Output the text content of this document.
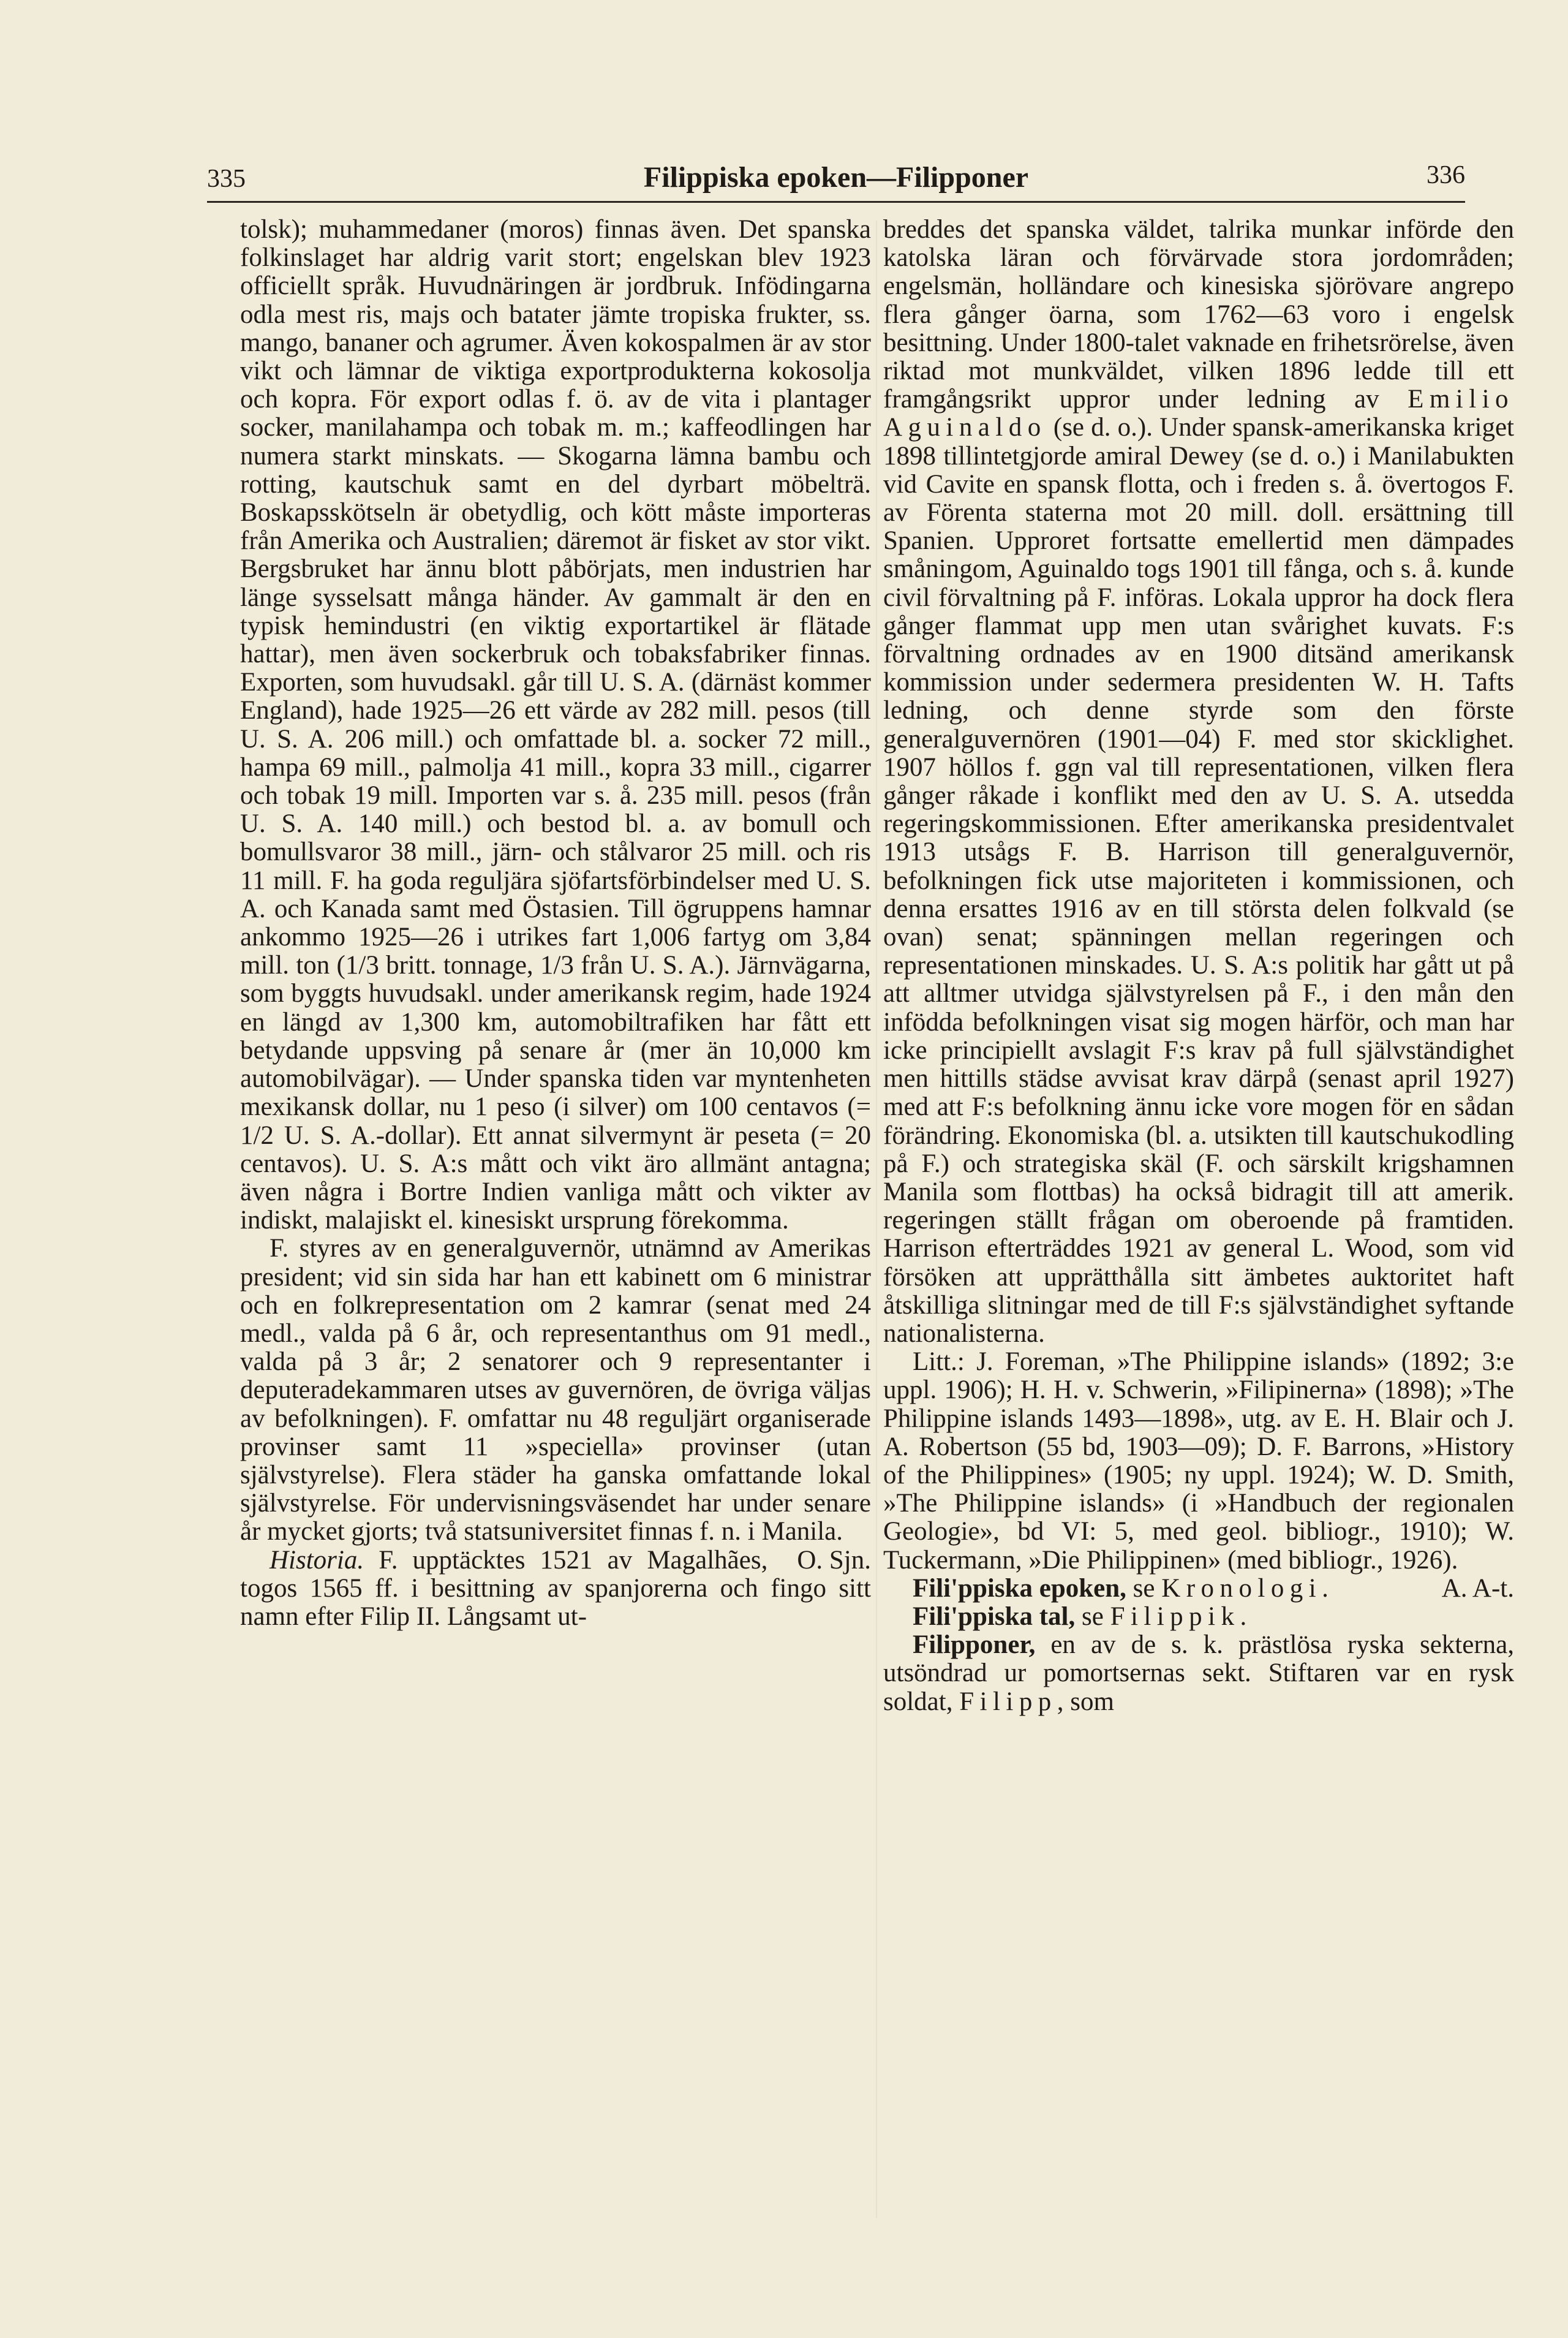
335	Filippiska epoken—Filipponer	336

tolsk); muhammedaner (moros) finnas även. Det spanska folkinslaget har aldrig varit stort; engelskan blev 1923 officiellt språk. Huvudnäringen är jordbruk. Infödingarna odla mest ris, majs och batater jämte tropiska frukter, ss. mango, bananer och agrumer. Även kokospalmen är av stor vikt och lämnar de viktiga exportprodukterna kokosolja och kopra. För export odlas f. ö. av de vita i plantager socker, manilahampa och tobak m. m.; kaffeodlingen har numera starkt minskats. — Skogarna lämna bambu och rotting, kautschuk samt en del dyrbart möbelträ. Boskapsskötseln är obetydlig, och kött måste importeras från Amerika och Australien; däremot är fisket av stor vikt. Bergsbruket har ännu blott påbörjats, men industrien har länge sysselsatt många händer. Av gammalt är den en typisk hemindustri (en viktig exportartikel är flätade hattar), men även sockerbruk och tobaksfabriker finnas. Exporten, som huvudsakl. går till U. S. A. (därnäst kommer England), hade 1925—26 ett värde av 282 mill. pesos (till U. S. A. 206 mill.) och omfattade bl. a. socker 72 mill., hampa 69 mill., palmolja 41 mill., kopra 33 mill., cigarrer och tobak 19 mill. Importen var s. å. 235 mill. pesos (från U. S. A. 140 mill.) och bestod bl. a. av bomull och bomullsvaror 38 mill., järn- och stålvaror 25 mill. och ris 11 mill. F. ha goda reguljära sjöfartsförbindelser med U. S. A. och Kanada samt med Östasien. Till ögruppens hamnar ankommo 1925—26 i utrikes fart 1,006 fartyg om 3,84 mill. ton (1/3 britt. tonnage, 1/3 från U. S. A.). Järnvägarna, som byggts huvudsakl. under amerikansk regim, hade 1924 en längd av 1,300 km, automobiltrafiken har fått ett betydande uppsving på senare år (mer än 10,000 km automobilvägar). — Under spanska tiden var myntenheten mexikansk dollar, nu 1 peso (i silver) om 100 centavos (= 1/2 U. S. A.-dollar). Ett annat silvermynt är peseta (= 20 centavos). U. S. A:s mått och vikt äro allmänt antagna; även några i Bortre Indien vanliga mått och vikter av indiskt, malajiskt el. kinesiskt ursprung förekomma.

F. styres av en generalguvernör, utnämnd av Amerikas president; vid sin sida har han ett kabinett om 6 ministrar och en folkrepresentation om 2 kamrar (senat med 24 medl., valda på 6 år, och representanthus om 91 medl., valda på 3 år; 2 senatorer och 9 representanter i deputeradekammaren utses av guvernören, de övriga väljas av befolkningen). F. omfattar nu 48 reguljärt organiserade provinser samt 11 »speciella» provinser (utan självstyrelse). Flera städer ha ganska omfattande lokal självstyrelse. För undervisningsväsendet har under senare år mycket gjorts; två statsuniversitet finnas f. n. i Manila.
O. Sjn.

Historia. F. upptäcktes 1521 av Magalhães, togos 1565 ff. i besittning av spanjorerna och fingo sitt namn efter Filip II. Långsamt ut-

breddes det spanska väldet, talrika munkar införde den katolska läran och förvärvade stora jordområden; engelsmän, holländare och kinesiska sjörövare angrepo flera gånger öarna, som 1762—63 voro i engelsk besittning. Under 1800-talet vaknade en frihetsrörelse, även riktad mot munkväldet, vilken 1896 ledde till ett framgångsrikt uppror under ledning av Emilio Aguinaldo (se d. o.). Under spansk-amerikanska kriget 1898 tillintetgjorde amiral Dewey (se d. o.) i Manilabukten vid Cavite en spansk flotta, och i freden s. å. övertogos F. av Förenta staterna mot 20 mill. doll. ersättning till Spanien. Upproret fortsatte emellertid men dämpades småningom, Aguinaldo togs 1901 till fånga, och s. å. kunde civil förvaltning på F. införas. Lokala uppror ha dock flera gånger flammat upp men utan svårighet kuvats. F:s förvaltning ordnades av en 1900 ditsänd amerikansk kommission under sedermera presidenten W. H. Tafts ledning, och denne styrde som den förste generalguvernören (1901—04) F. med stor skicklighet. 1907 höllos f. ggn val till representationen, vilken flera gånger råkade i konflikt med den av U. S. A. utsedda regeringskommissionen. Efter amerikanska presidentvalet 1913 utsågs F. B. Harrison till generalguvernör, befolkningen fick utse majoriteten i kommissionen, och denna ersattes 1916 av en till största delen folkvald (se ovan) senat; spänningen mellan regeringen och representationen minskades. U. S. A:s politik har gått ut på att alltmer utvidga självstyrelsen på F., i den mån den infödda befolkningen visat sig mogen härför, och man har icke principiellt avslagit F:s krav på full självständighet men hittills städse avvisat krav därpå (senast april 1927) med att F:s befolkning ännu icke vore mogen för en sådan förändring. Ekonomiska (bl. a. utsikten till kautschukodling på F.) och strategiska skäl (F. och särskilt krigshamnen Manila som flottbas) ha också bidragit till att amerik. regeringen ställt frågan om oberoende på framtiden. Harrison efterträddes 1921 av general L. Wood, som vid försöken att upprätthålla sitt ämbetes auktoritet haft åtskilliga slitningar med de till F:s självständighet syftande nationalisterna.

Litt.: J. Foreman, »The Philippine islands» (1892; 3:e uppl. 1906); H. H. v. Schwerin, »Filipinerna» (1898); »The Philippine islands 1493—1898», utg. av E. H. Blair och J. A. Robertson (55 bd, 1903—09); D. F. Barrons, »History of the Philippines» (1905; ny uppl. 1924); W. D. Smith, »The Philippine islands» (i »Handbuch der regionalen Geologie», bd VI: 5, med geol. bibliogr., 1910); W. Tuckermann, »Die Philippinen» (med bibliogr., 1926).
A. A-t.

Fili'ppiska epoken, se Kronologi.

Fili'ppiska tal, se Filippik.

Filipponer, en av de s. k. prästlösa ryska sekterna, utsöndrad ur pomortsernas sekt. Stiftaren var en rysk soldat, Filipp, som
